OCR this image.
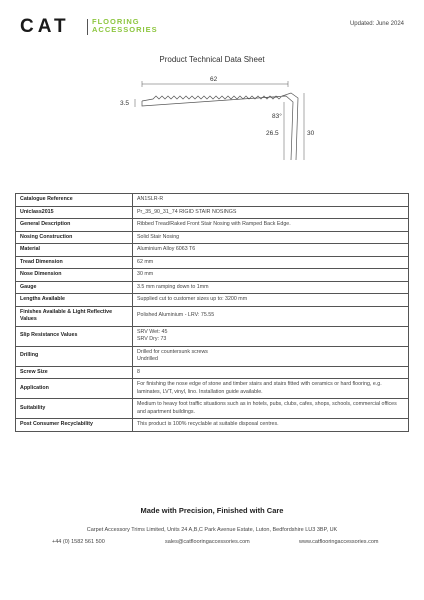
CAT	FLOORING
ACCESSORIES
Updated: June 2024
Product Technical Data Sheet
62
3.5
83°
26.5	30
Catalogue Reference	AN1SLR-R
Uniclass2015	Pr_35_90_31_74 RIGID STAIR NOSINGS
General Description	Ribbed Tread/Raked Front Stair Nosing with Ramped Back Edge.
Nosing Construction	Solid Stair Nosing
Material	Aluminium Alloy 6063 T6
Tread Dimension	62 mm
Nose Dimension	30 mm
Gauge	3.5 mm ramping down to 1mm
Lengths Available	Supplied cut to customer sizes up to: 3200 mm
Finishes Available & Light Reflective Values	Polished Aluminium - LRV: 75.55
Slip Resistance Values	SRV Wet: 45
SRV Dry: 73

Drilling	Drilled for countersunk screws
Undrilled

Screw Size	8
Application	For finishing the nose edge of stone and timber stairs and stairs fitted with ceramics or hard flooring, e.g. laminates, LVT, vinyl, lino. Installation guide available.
Suitability	Medium to heavy foot traffic situations such as in hotels, pubs, clubs, cafes, shops, schools, commercial offices and apartment buildings.
Post Consumer Recyclability	This product is 100% recyclable at suitable disposal centres.
Made with Precision, Finished with Care
Carpet Accessory Trims Limited, Units 24 A,B,C Park Avenue Estate, Luton, Bedfordshire LU3 3BP, UK
+44 (0) 1582 561 500	sales@catflooringaccessories.com	www.catflooringaccessories.com
